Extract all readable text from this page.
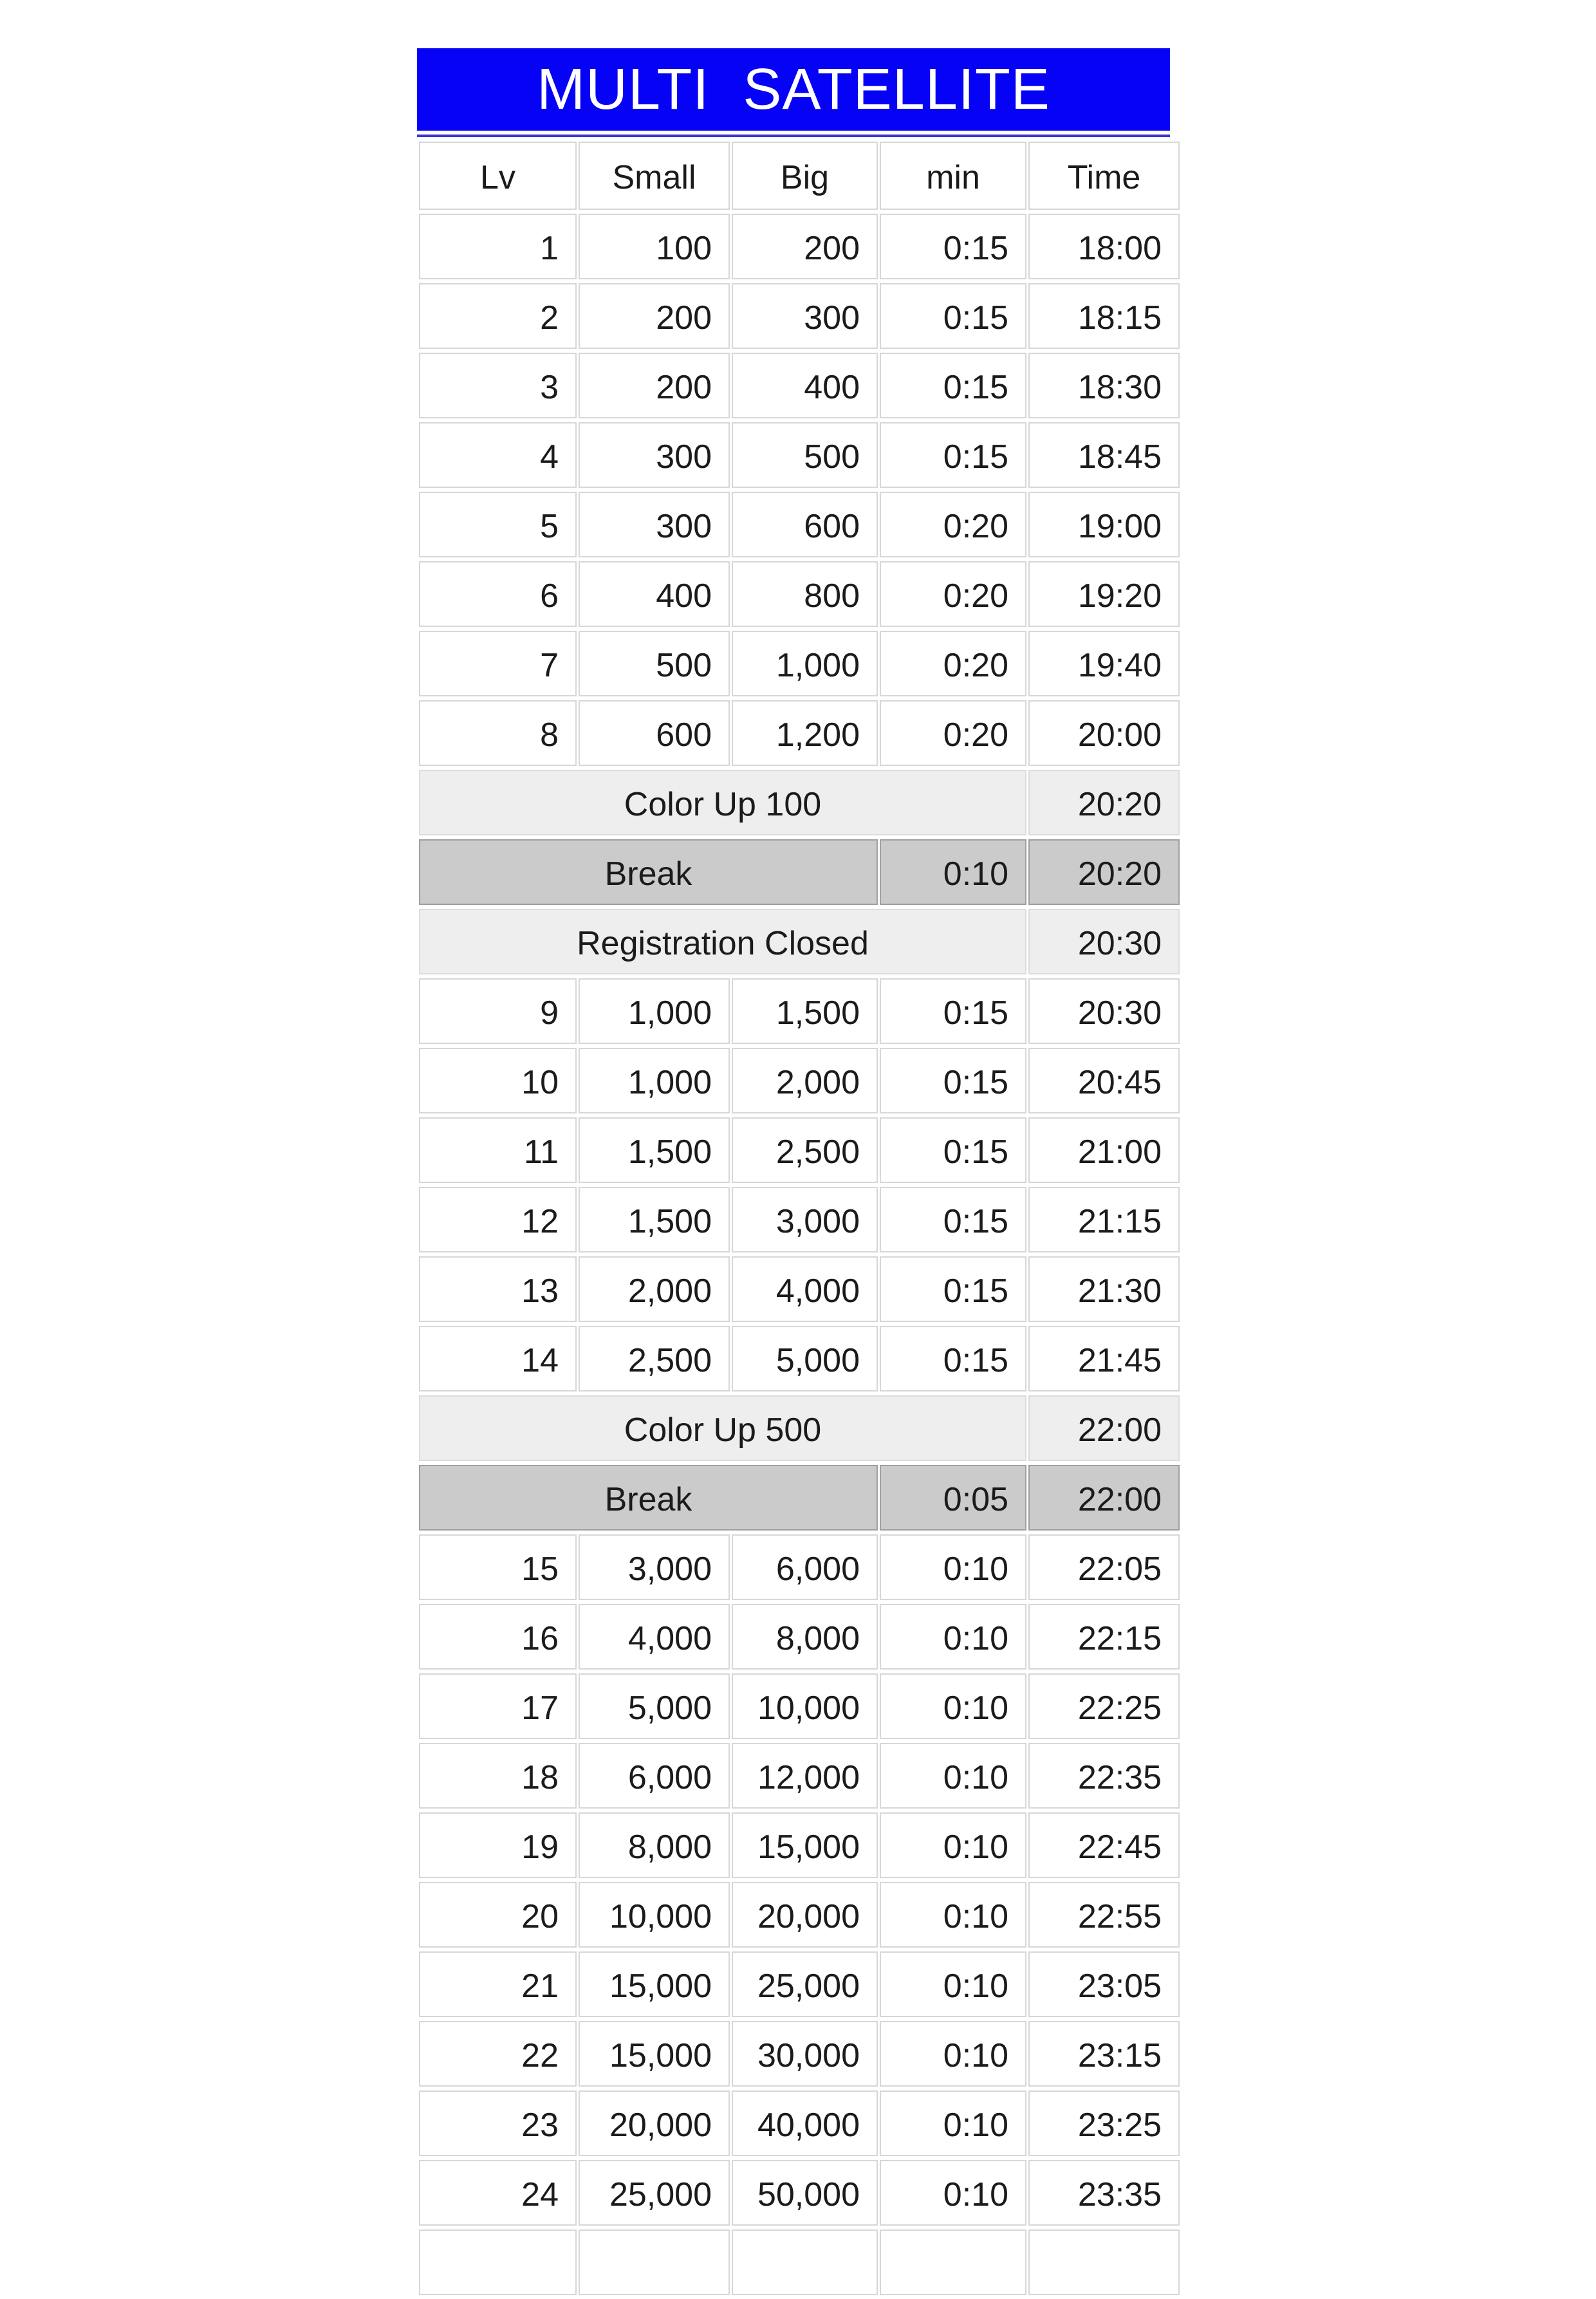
MULTI  SATELLITE
Lv	Small	Big	min	Time
1	100	200	0:15	18:00
2	200	300	0:15	18:15
3	200	400	0:15	18:30
4	300	500	0:15	18:45
5	300	600	0:20	19:00
6	400	800	0:20	19:20
7	500	1,000	0:20	19:40
8	600	1,200	0:20	20:00
Color Up 100				20:20
Break			0:10	20:20
Registration Closed				20:30
9	1,000	1,500	0:15	20:30
10	1,000	2,000	0:15	20:45
11	1,500	2,500	0:15	21:00
12	1,500	3,000	0:15	21:15
13	2,000	4,000	0:15	21:30
14	2,500	5,000	0:15	21:45
Color Up 500				22:00
Break			0:05	22:00
15	3,000	6,000	0:10	22:05
16	4,000	8,000	0:10	22:15
17	5,000	10,000	0:10	22:25
18	6,000	12,000	0:10	22:35
19	8,000	15,000	0:10	22:45
20	10,000	20,000	0:10	22:55
21	15,000	25,000	0:10	23:05
22	15,000	30,000	0:10	23:15
23	20,000	40,000	0:10	23:25
24	25,000	50,000	0:10	23:35
